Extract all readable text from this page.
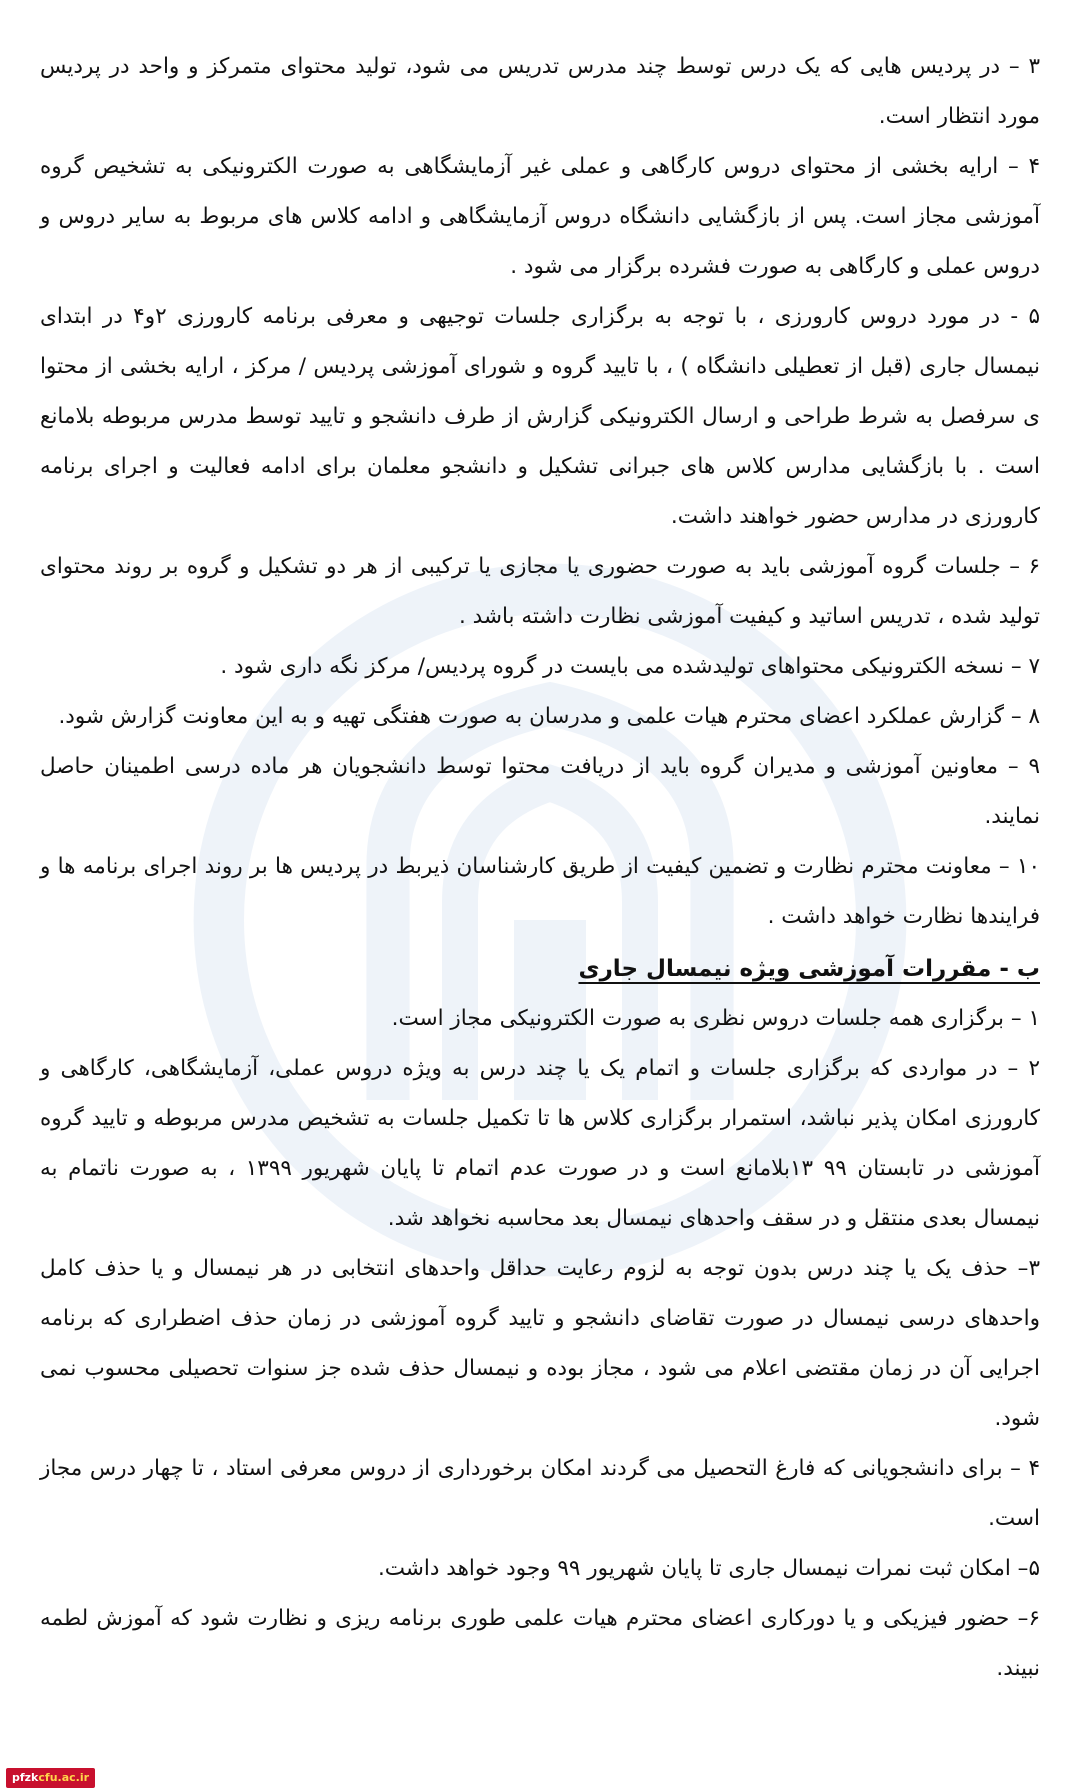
۳ – در پردیس هایی که یک درس توسط چند مدرس تدریس می شود، تولید محتوای متمرکز و واحد در پردیس مورد انتظار است.

۴ – ارایه بخشی از محتوای دروس کارگاهی و عملی غیر آزمایشگاهی به صورت الکترونیکی به تشخیص گروه آموزشی مجاز است. پس از بازگشایی دانشگاه دروس آزمایشگاهی و ادامه کلاس های مربوط به سایر دروس و دروس عملی و کارگاهی به صورت فشرده برگزار می شود .

۵ - در مورد دروس کارورزی ، با توجه به برگزاری جلسات توجیهی و معرفی برنامه کارورزی ۲و۴ در ابتدای نیمسال جاری (قبل از تعطیلی دانشگاه ) ، با تایید گروه و شورای آموزشی پردیس / مرکز ، ارایه بخشی از محتوا ی سرفصل به شرط طراحی و ارسال الکترونیکی گزارش از طرف دانشجو و تایید توسط مدرس مربوطه بلامانع است . با بازگشایی مدارس کلاس های جبرانی تشکیل و دانشجو معلمان برای ادامه فعالیت و اجرای برنامه کارورزی در مدارس حضور خواهند داشت.

۶ – جلسات گروه آموزشی باید به صورت حضوری یا مجازی یا ترکیبی از هر دو تشکیل و گروه بر روند محتوای تولید شده ، تدریس اساتید و کیفیت آموزشی نظارت داشته باشد .

۷ – نسخه الکترونیکی محتواهای تولیدشده می بایست در گروه پردیس/ مرکز نگه داری شود .

۸ – گزارش عملکرد اعضای محترم هیات علمی و مدرسان به صورت هفتگی تهیه و به این معاونت گزارش شود.

۹ – معاونین آموزشی و مدیران گروه باید از دریافت محتوا توسط دانشجویان هر ماده درسی اطمینان حاصل نمایند.

۱۰ – معاونت محترم نظارت و تضمین کیفیت از طریق کارشناسان ذیربط در پردیس ها بر روند اجرای برنامه ها و فرایندها نظارت خواهد داشت .

ب - مقررات آموزشی ویژه نیمسال جاری

۱ – برگزاری همه جلسات دروس نظری به صورت الکترونیکی مجاز است.

۲ – در مواردی که برگزاری جلسات و اتمام یک یا چند درس به ویژه دروس عملی، آزمایشگاهی، کارگاهی و کارورزی امکان پذیر نباشد، استمرار برگزاری کلاس ها تا تکمیل جلسات به تشخیص مدرس مربوطه و تایید گروه آموزشی در تابستان ۹۹ ۱۳بلامانع است و در صورت عدم اتمام تا پایان شهریور ۱۳۹۹ ، به صورت ناتمام به نیمسال بعدی منتقل و در سقف واحدهای نیمسال بعد محاسبه نخواهد شد.

۳– حذف یک یا چند درس بدون توجه به لزوم رعایت حداقل واحدهای انتخابی در هر نیمسال و یا حذف کامل واحدهای درسی نیمسال در صورت تقاضای دانشجو و تایید گروه آموزشی در زمان حذف اضطراری که برنامه اجرایی آن در زمان مقتضی اعلام می شود ، مجاز بوده و نیمسال حذف شده جز سنوات تحصیلی محسوب نمی شود.

۴ – برای دانشجویانی که فارغ التحصیل می گردند امکان برخورداری از دروس معرفی استاد ، تا چهار درس مجاز است.

۵– امکان ثبت نمرات نیمسال جاری تا پایان شهریور ۹۹ وجود خواهد داشت.

۶– حضور فیزیکی و یا دورکاری اعضای محترم هیات علمی طوری برنامه ریزی و نظارت شود که آموزش لطمه نبیند.

pfzkcfu.ac.ir
